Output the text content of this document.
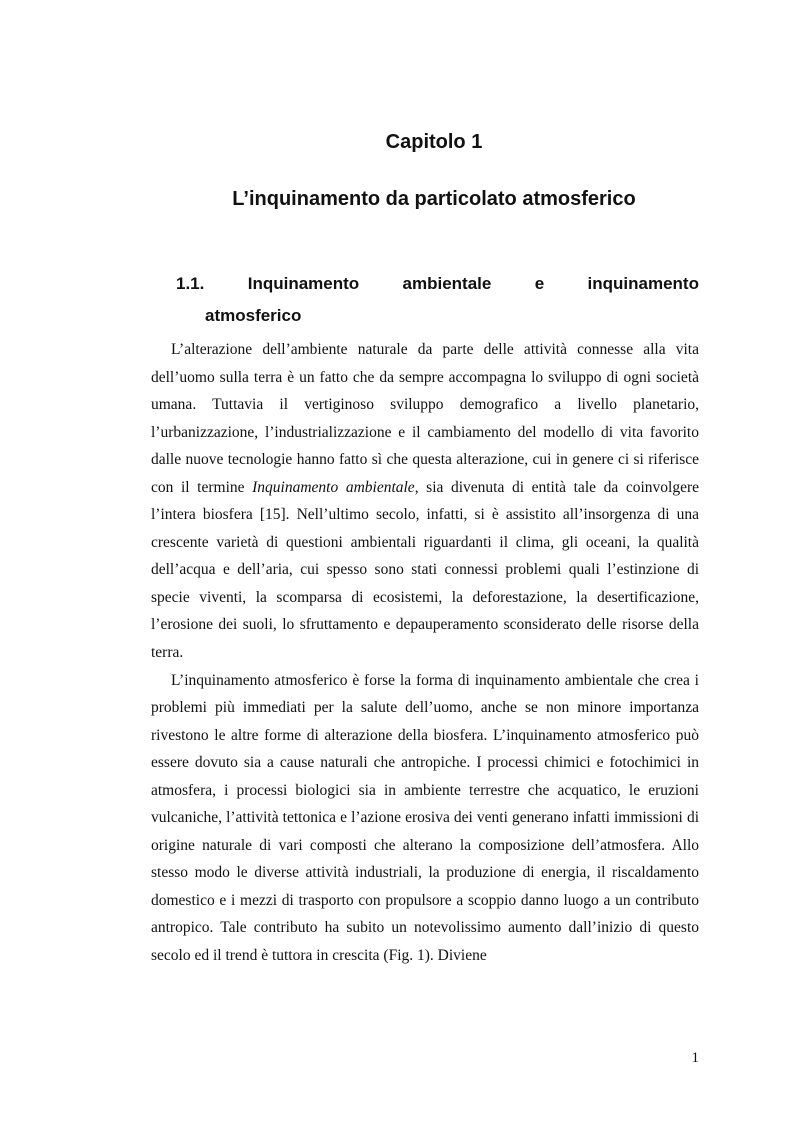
Capitolo 1
L’inquinamento da particolato atmosferico
1.1.	Inquinamento	ambientale	e	inquinamento
atmosferico

L’alterazione dell’ambiente naturale da parte delle attività connesse alla vita dell’uomo sulla terra è un fatto che da sempre accompagna lo sviluppo di ogni società umana. Tuttavia il vertiginoso sviluppo demografico a livello planetario, l’urbanizzazione, l’industrializzazione e il cambiamento del modello di vita favorito dalle nuove tecnologie hanno fatto sì che questa alterazione, cui in genere ci si riferisce con il termine Inquinamento ambientale, sia divenuta di entità tale da coinvolgere l’intera biosfera [15]. Nell’ultimo secolo, infatti, si è assistito all’insorgenza di una crescente varietà di questioni ambientali riguardanti il clima, gli oceani, la qualità dell’acqua e dell’aria, cui spesso sono stati connessi problemi quali l’estinzione di specie viventi, la scomparsa di ecosistemi, la deforestazione, la desertificazione, l’erosione dei suoli, lo sfruttamento e depauperamento sconsiderato delle risorse della terra.

L’inquinamento atmosferico è forse la forma di inquinamento ambientale che crea i problemi più immediati per la salute dell’uomo, anche se non minore importanza rivestono le altre forme di alterazione della biosfera. L’inquinamento atmosferico può essere dovuto sia a cause naturali che antropiche. I processi chimici e fotochimici in atmosfera, i processi biologici sia in ambiente terrestre che acquatico, le eruzioni vulcaniche, l’attività tettonica e l’azione erosiva dei venti generano infatti immissioni di origine naturale di vari composti che alterano la composizione dell’atmosfera. Allo stesso modo le diverse attività industriali, la produzione di energia, il riscaldamento domestico e i mezzi di trasporto con propulsore a scoppio danno luogo a un contributo antropico. Tale contributo ha subito un notevolissimo aumento dall’inizio di questo secolo ed il trend è tuttora in crescita (Fig. 1). Diviene

1
